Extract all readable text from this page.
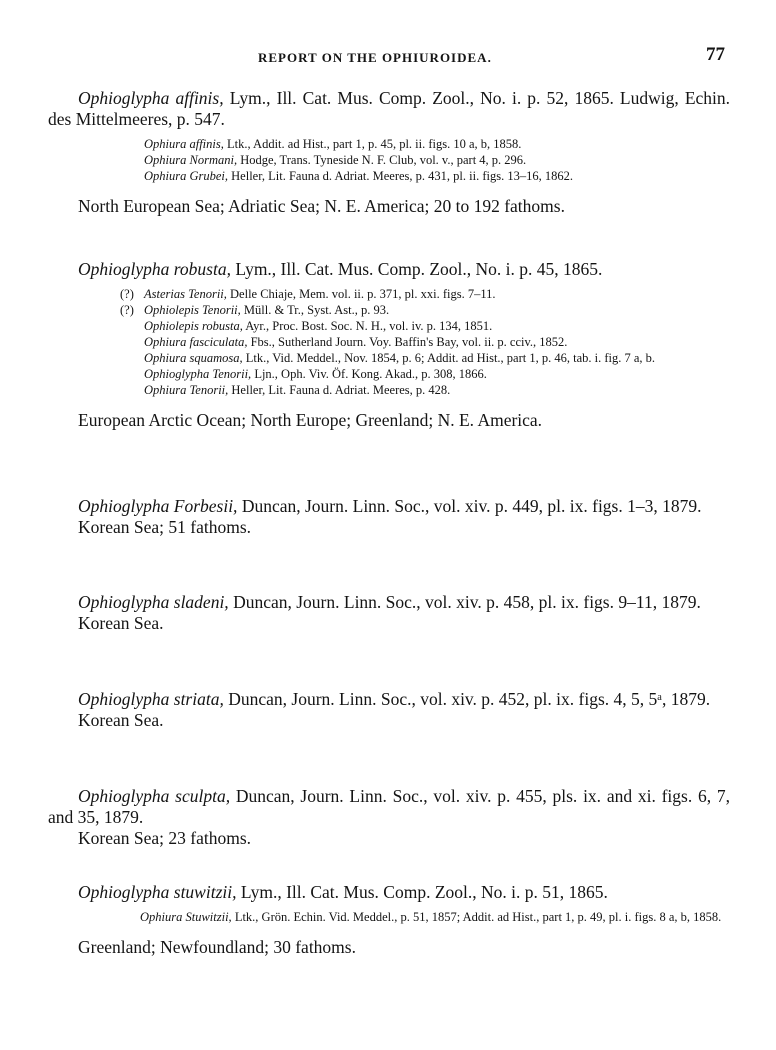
REPORT ON THE OPHIUROIDEA.	77

Ophioglypha affinis, Lym., Ill. Cat. Mus. Comp. Zool., No. i. p. 52, 1865. Ludwig, Echin. des Mittelmeeres, p. 547.

Ophiura affinis, Ltk., Addit. ad Hist., part 1, p. 45, pl. ii. figs. 10 a, b, 1858.
Ophiura Normani, Hodge, Trans. Tyneside N. F. Club, vol. v., part 4, p. 296.
Ophiura Grubei, Heller, Lit. Fauna d. Adriat. Meeres, p. 431, pl. ii. figs. 13–16, 1862.

North European Sea; Adriatic Sea; N. E. America; 20 to 192 fathoms.

Ophioglypha robusta, Lym., Ill. Cat. Mus. Comp. Zool., No. i. p. 45, 1865.

(?) Asterias Tenorii, Delle Chiaje, Mem. vol. ii. p. 371, pl. xxi. figs. 7–11.
(?) Ophiolepis Tenorii, Müll. & Tr., Syst. Ast., p. 93.
Ophiolepis robusta, Ayr., Proc. Bost. Soc. N. H., vol. iv. p. 134, 1851.
Ophiura fasciculata, Fbs., Sutherland Journ. Voy. Baffin's Bay, vol. ii. p. cciv., 1852.
Ophiura squamosa, Ltk., Vid. Meddel., Nov. 1854, p. 6; Addit. ad Hist., part 1, p. 46, tab. i. fig. 7 a, b.
Ophioglypha Tenorii, Ljn., Oph. Viv. Öf. Kong. Akad., p. 308, 1866.
Ophiura Tenorii, Heller, Lit. Fauna d. Adriat. Meeres, p. 428.

European Arctic Ocean; North Europe; Greenland; N. E. America.

Ophioglypha Forbesii, Duncan, Journ. Linn. Soc., vol. xiv. p. 449, pl. ix. figs. 1–3, 1879.

Korean Sea; 51 fathoms.

Ophioglypha sladeni, Duncan, Journ. Linn. Soc., vol. xiv. p. 458, pl. ix. figs. 9–11, 1879.

Korean Sea.

Ophioglypha striata, Duncan, Journ. Linn. Soc., vol. xiv. p. 452, pl. ix. figs. 4, 5, 5ᵃ, 1879.

Korean Sea.

Ophioglypha sculpta, Duncan, Journ. Linn. Soc., vol. xiv. p. 455, pls. ix. and xi. figs. 6, 7, and 35, 1879.

Korean Sea; 23 fathoms.

Ophioglypha stuwitzii, Lym., Ill. Cat. Mus. Comp. Zool., No. i. p. 51, 1865.

Ophiura Stuwitzii, Ltk., Grön. Echin. Vid. Meddel., p. 51, 1857; Addit. ad Hist., part 1, p. 49, pl. i. figs. 8 a, b, 1858.

Greenland; Newfoundland; 30 fathoms.
